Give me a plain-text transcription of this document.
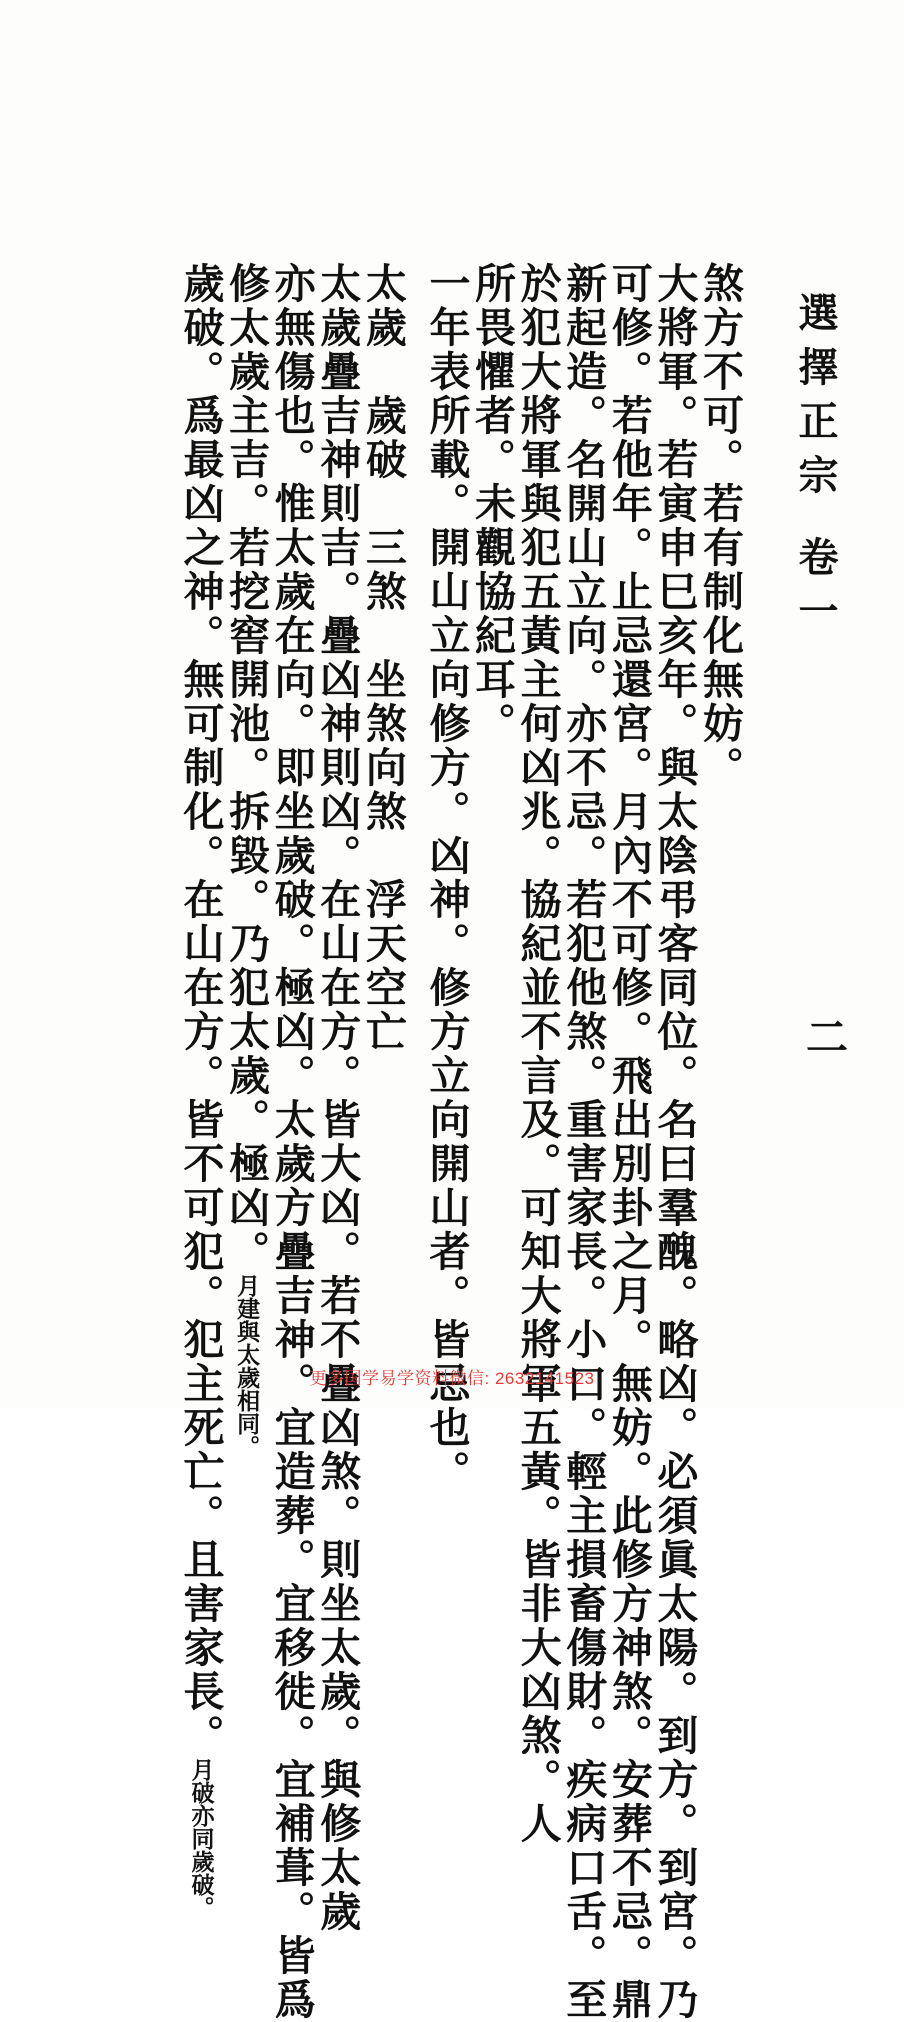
選擇正宗 卷一
二
煞方不可。若有制化無妨。
大將軍。若寅申巳亥年。與太陰弔客同位。名曰羣醜。略凶。必須眞太陽。到方。到宮。乃
可修。若他年。止忌還宮。月內不可修。飛出別卦之月。無妨。此修方神煞。安葬不忌。鼎
新起造。名開山立向。亦不忌。若犯他煞。重害家長。小口。輕主損畜傷財。疾病口舌。至
於犯大將軍與犯五黃主何凶兆。協紀並不言及。可知大將軍五黃。皆非大凶煞。人
所畏懼者。未觀協紀耳。
一年表所載。開山立向修方。凶神。修方立向開山者。皆忌也。
太歲　歲破　三煞　坐煞向煞　浮天空亡
太歲疊吉神則吉。疊凶神則凶。在山在方。皆大凶。若不疊凶煞。則坐太歲。與修太歲
亦無傷也。惟太歲在向。即坐歲破。極凶。太歲方疊吉神。宜造葬。宜移徙。宜補葺。皆爲
修太歲主吉。若挖窖開池。拆毀。乃犯太歲。極凶。月建與太歲相同。
歲破。爲最凶之神。無可制化。在山在方。皆不可犯。犯主死亡。且害家長。月破亦同歲破。
更多国学易学资料微信: 2632141523
